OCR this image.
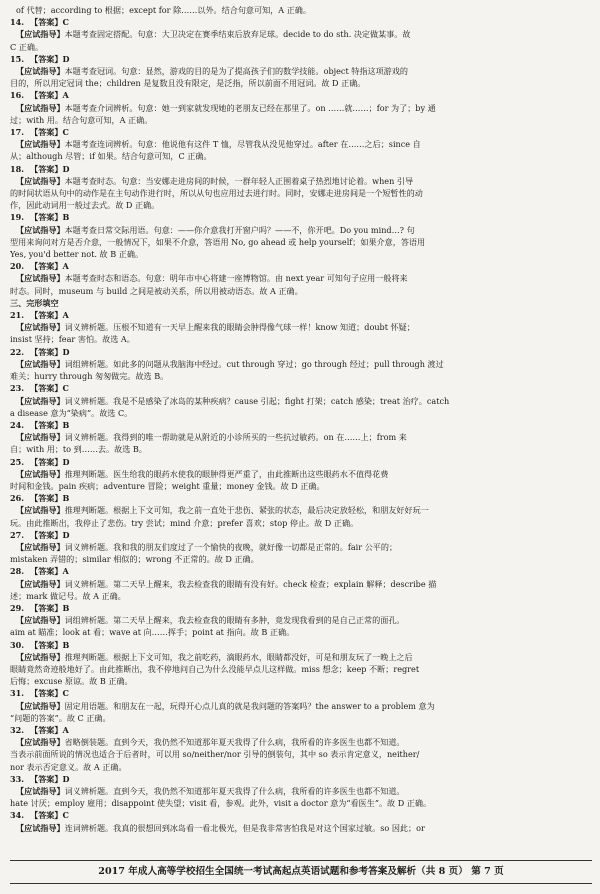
of 代替；according to 根据；except for 除……以外。结合句意可知，A 正确。
14. 【答案】C
【应试指导】本题考查固定搭配。句意：大卫决定在赛季结束后放弃足球。decide to do sth. 决定做某事。故
C 正确。
15. 【答案】D
【应试指导】本题考查冠词。句意：显然，游戏的目的是为了提高孩子们的数学技能。object 特指这项游戏的
目的，所以用定冠词 the；children 是复数且没有限定，是泛指，所以前面不用冠词。故 D 正确。
16. 【答案】A
【应试指导】本题考查介词辨析。句意：她一到家就发现她的老朋友已经在那里了。on ……就……；for 为了；by 通
过；with 用。结合句意可知，A 正确。
17. 【答案】C
【应试指导】本题考查连词辨析。句意：他说他有这件 T 恤，尽管我从没见他穿过。after 在……之后；since 自
从；although 尽管；if 如果。结合句意可知，C 正确。
18. 【答案】D
【应试指导】本题考查时态。句意：当安娜走进房间的时候，一群年轻人正围着桌子热烈地讨论着。when 引导
的时间状语从句中的动作是在主句动作进行时，所以从句也应用过去进行时。同时，安娜走进房间是一个短暂性的动
作，因此动词用一般过去式。故 D 正确。
19. 【答案】B
【应试指导】本题考查日常交际用语。句意：——你介意我打开窗户吗？——不，你开吧。Do you mind…? 句
型用来询问对方是否介意，一般情况下，如果不介意，答语用 No, go ahead 或 help yourself；如果介意，答语用
Yes, you'd better not. 故 B 正确。
20. 【答案】A
【应试指导】本题考查时态和语态。句意：明年市中心将建一座博物馆。由 next year 可知句子应用一般将来
时态。同时，museum 与 build 之间是被动关系，所以用被动语态。故 A 正确。
三、完形填空
21. 【答案】A
【应试指导】词义辨析题。压根不知道有一天早上醒来我的眼睛会肿得像气球一样！know 知道；doubt 怀疑；
insist 坚持；fear 害怕。故选 A。
22. 【答案】D
【应试指导】词组辨析题。如此多的问题从我脑海中经过。cut through 穿过；go through 经过；pull through 渡过
难关；hurry through 匆匆做完。故选 B。
23. 【答案】C
【应试指导】词义辨析题。我是不是感染了冰岛的某种疾病？cause 引起；fight 打架；catch 感染；treat 治疗。catch
a disease 意为“染病”。故选 C。
24. 【答案】B
【应试指导】词义辨析题。我得到的唯一帮助就是从附近的小诊所买的一些抗过敏药。on 在……上；from 来
自；with 用；to 到……去。故选 B。
25. 【答案】D
【应试指导】推理判断题。医生给我的眼药水使我的眼肿得更严重了，由此推断出这些眼药水不值得花费
时间和金钱。pain 疾病；adventure 冒险；weight 重量；money 金钱。故 D 正确。
26. 【答案】B
【应试指导】推理判断题。根据上下文可知，我之前一直处于悲伤、紧张的状态，最后决定放轻松，和朋友好好玩一
玩。由此推断出，我停止了悲伤。try 尝试；mind 介意；prefer 喜欢；stop 停止。故 D 正确。
27. 【答案】D
【应试指导】词义辨析题。我和我的朋友们度过了一个愉快的夜晚，就好像一切都是正常的。fair 公平的；
mistaken 弄错的；similar 相似的；wrong 不正常的。故 D 正确。
28. 【答案】A
【应试指导】词义辨析题。第二天早上醒来，我去检查我的眼睛有没有好。check 检查；explain 解释；describe 描
述；mark 做记号。故 A 正确。
29. 【答案】B
【应试指导】词组辨析题。第二天早上醒来，我去检查我的眼睛有多肿，竟发现我看到的是自己正常的面孔。
aim at 瞄准；look at 看；wave at 向……挥手；point at 指向。故 B 正确。
30. 【答案】B
【应试指导】推理判断题。根据上下文可知，我之前吃药，滴眼药水，眼睛都没好，可是和朋友玩了一晚上之后
眼睛竟然奇迹般地好了。由此推断出，我不停地问自己为什么没能早点儿这样做。miss 想念；keep 不断；regret
后悔；excuse 原谅。故 B 正确。
31. 【答案】C
【应试指导】固定用语题。和朋友在一起，玩得开心点儿真的就是我问题的答案吗？the answer to a problem 意为
“问题的答案”。故 C 正确。
32. 【答案】A
【应试指导】省略倒装题。直到今天，我仍然不知道那年夏天我得了什么病，我所看的许多医生也都不知道。
当表示前面所说的情况也适合于后者时，可以用 so/neither/nor 引导的倒装句，其中 so 表示肯定意义，neither/
nor 表示否定意义。故 A 正确。
33. 【答案】D
【应试指导】词义辨析题。直到今天，我仍然不知道那年夏天我得了什么病，我所看的许多医生也都不知道。
hate 讨厌；employ 雇用；disappoint 使失望；visit 看，参观。此外，visit a doctor 意为“看医生”。故 D 正确。
34. 【答案】C
【应试指导】连词辨析题。我真的很想回到冰岛看一看北极光，但是我非常害怕我是对这个国家过敏。so 因此；or
2017 年成人高等学校招生全国统一考试高起点英语试题和参考答案及解析（共 8 页） 第 7 页
